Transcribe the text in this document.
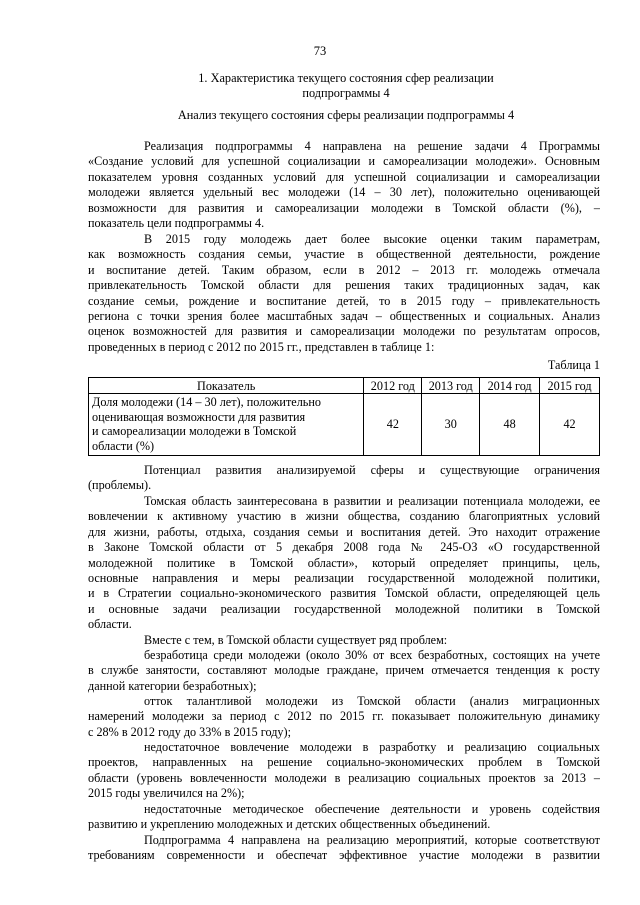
73
1. Характеристика текущего состояния сфер реализации
подпрограммы 4
Анализ текущего состояния сферы реализации подпрограммы 4
Реализация подпрограммы 4 направлена на решение задачи 4 Программы
«Создание условий для успешной социализации и самореализации молодежи». Основным
показателем уровня созданных условий для успешной социализации и самореализации
молодежи является удельный вес молодежи (14 – 30 лет), положительно оценивающей
возможности для развития и самореализации молодежи в Томской области (%), –
показатель цели подпрограммы 4.
В 2015 году молодежь дает более высокие оценки таким параметрам,
как возможность создания семьи, участие в общественной деятельности, рождение
и воспитание детей. Таким образом, если в 2012 – 2013 гг. молодежь отмечала
привлекательность Томской области для решения таких традиционных задач, как
создание семьи, рождение и воспитание детей, то в 2015 году – привлекательность
региона с точки зрения более масштабных задач – общественных и социальных. Анализ
оценок возможностей для развития и самореализации молодежи по результатам опросов,
проведенных в период с 2012 по 2015 гг., представлен в таблице 1:
Таблица 1
Показатель	2012 год	2013 год	2014 год	2015 год

Доля молодежи (14 – 30 лет), положительно
оценивающая возможности для развития
и самореализации молодежи в Томской
области (%)	42	30	48	42
Потенциал развития анализируемой сферы и существующие ограничения
(проблемы).
Томская область заинтересована в развитии и реализации потенциала молодежи, ее
вовлечении к активному участию в жизни общества, созданию благоприятных условий
для жизни, работы, отдыха, создания семьи и воспитания детей. Это находит отражение
в Законе Томской области от 5 декабря 2008 года № 245-ОЗ «О государственной
молодежной политике в Томской области», который определяет принципы, цель,
основные направления и меры реализации государственной молодежной политики,
и в Стратегии социально-экономического развития Томской области, определяющей цель
и основные задачи реализации государственной молодежной политики в Томской
области.
Вместе с тем, в Томской области существует ряд проблем:
безработица среди молодежи (около 30% от всех безработных, состоящих на учете
в службе занятости, составляют молодые граждане, причем отмечается тенденция к росту
данной категории безработных);
отток талантливой молодежи из Томской области (анализ миграционных
намерений молодежи за период с 2012 по 2015 гг. показывает положительную динамику
с 28% в 2012 году до 33% в 2015 году);
недостаточное вовлечение молодежи в разработку и реализацию социальных
проектов, направленных на решение социально-экономических проблем в Томской
области (уровень вовлеченности молодежи в реализацию социальных проектов за 2013 –
2015 годы увеличился на 2%);
недостаточные методическое обеспечение деятельности и уровень содействия
развитию и укреплению молодежных и детских общественных объединений.
Подпрограмма 4 направлена на реализацию мероприятий, которые соответствуют
требованиям современности и обеспечат эффективное участие молодежи в развитии
